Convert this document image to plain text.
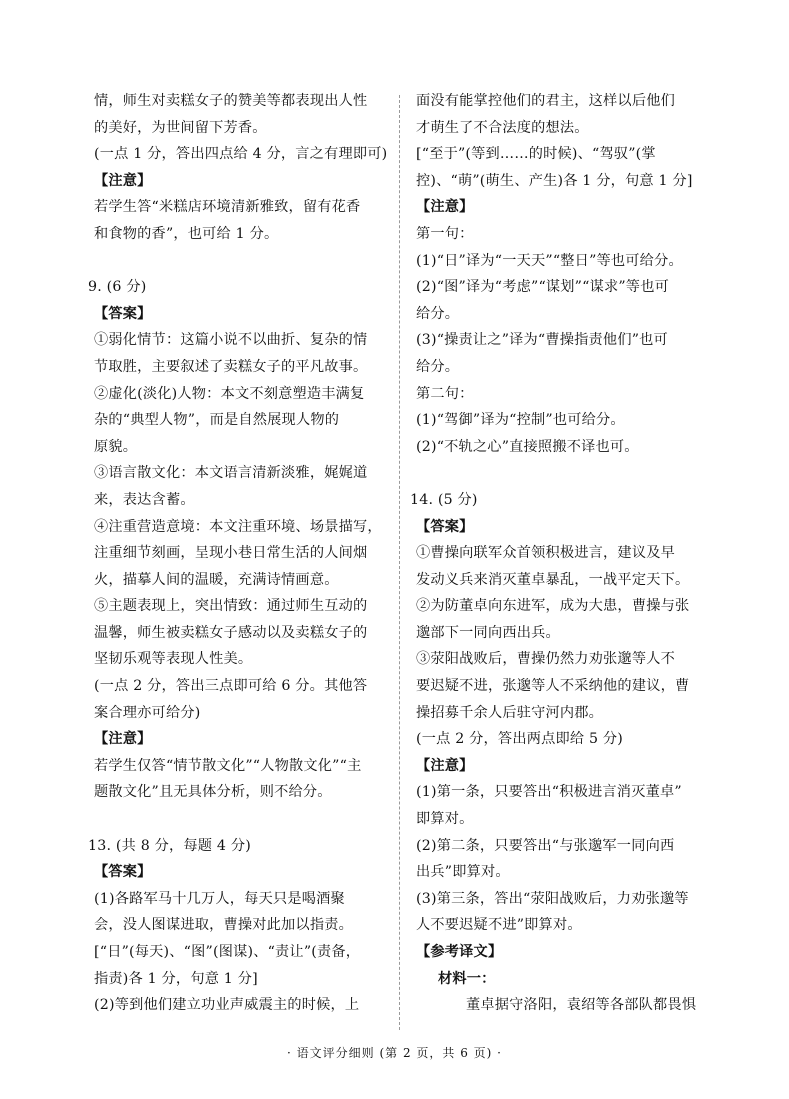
情，师生对卖糕女子的赞美等都表现出人性
的美好，为世间留下芳香。
(一点 1 分，答出四点给 4 分，言之有理即可)
【注意】
若学生答“米糕店环境清新雅致，留有花香
和食物的香”，也可给 1 分。
9. (6 分)
【答案】
①弱化情节：这篇小说不以曲折、复杂的情
节取胜，主要叙述了卖糕女子的平凡故事。
②虚化(淡化)人物：本文不刻意塑造丰满复
杂的“典型人物”，而是自然展现人物的
原貌。
③语言散文化：本文语言清新淡雅，娓娓道
来，表达含蓄。
④注重营造意境：本文注重环境、场景描写，
注重细节刻画，呈现小巷日常生活的人间烟
火，描摹人间的温暖，充满诗情画意。
⑤主题表现上，突出情致：通过师生互动的
温馨，师生被卖糕女子感动以及卖糕女子的
坚韧乐观等表现人性美。
(一点 2 分，答出三点即可给 6 分。其他答
案合理亦可给分)
【注意】
若学生仅答“情节散文化”“人物散文化”“主
题散文化”且无具体分析，则不给分。
13. (共 8 分，每题 4 分)
【答案】
(1)各路军马十几万人，每天只是喝酒聚
会，没人图谋进取，曹操对此加以指责。
[“日”(每天)、“图”(图谋)、“责让”(责备，
指责)各 1 分，句意 1 分]
(2)等到他们建立功业声威震主的时候，上
面没有能掌控他们的君主，这样以后他们
才萌生了不合法度的想法。
[“至于”(等到……的时候)、“驾驭”(掌
控)、“萌”(萌生、产生)各 1 分，句意 1 分]
【注意】
第一句：
(1)“日”译为“一天天”“整日”等也可给分。
(2)“图”译为“考虑”“谋划”“谋求”等也可
给分。
(3)“操责让之”译为“曹操指责他们”也可
给分。
第二句：
(1)“驾御”译为“控制”也可给分。
(2)“不轨之心”直接照搬不译也可。
14. (5 分)
【答案】
①曹操向联军众首领积极进言，建议及早
发动义兵来消灭董卓暴乱，一战平定天下。
②为防董卓向东进军，成为大患，曹操与张
邈部下一同向西出兵。
③荥阳战败后，曹操仍然力劝张邈等人不
要迟疑不进，张邈等人不采纳他的建议，曹
操招募千余人后驻守河内郡。
(一点 2 分，答出两点即给 5 分)
【注意】
(1)第一条，只要答出“积极进言消灭董卓”
即算对。
(2)第二条，只要答出“与张邈军一同向西
出兵”即算对。
(3)第三条，答出“荥阳战败后，力劝张邈等
人不要迟疑不进”即算对。
【参考译文】
材料一：
董卓据守洛阳，袁绍等各部队都畏惧
· 语文评分细则 (第 2 页，共 6 页) ·
